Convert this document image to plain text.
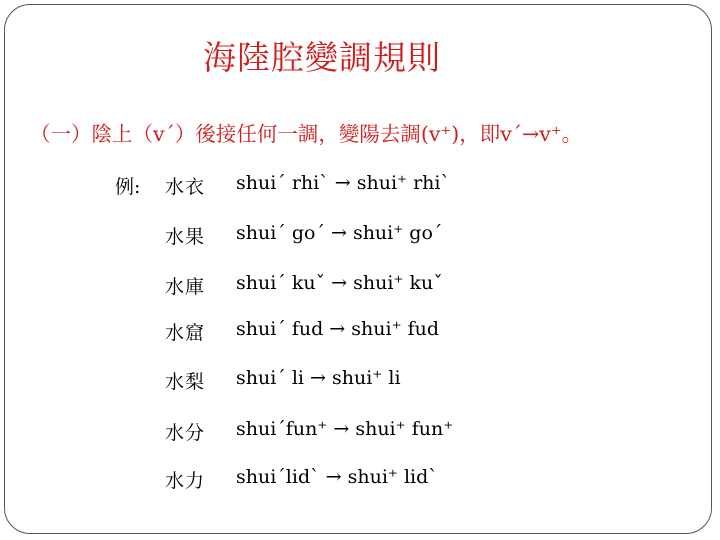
海陸腔變調規則
（一）陰上（v´）後接任何一調，變陽去調(v⁺)，即v´→v⁺。
例: 水衣 shui´ rhi` → shui⁺ rhi`
水果 shui´ go´ → shui⁺ go´
水庫 shui´ kuˇ → shui⁺ kuˇ
水窟 shui´ fud → shui⁺ fud
水梨 shui´ li → shui⁺ li
水分 shui´fun⁺ → shui⁺ fun⁺
水力 shui´lid` → shui⁺ lid`
